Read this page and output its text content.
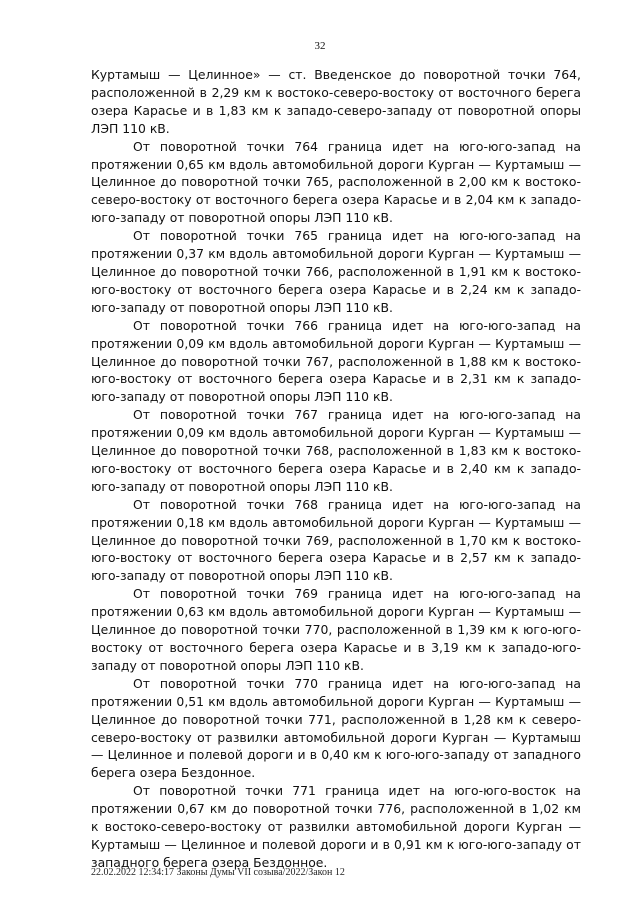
32

Куртамыш — Целинное» — ст. Введенское до поворотной точки 764, расположенной в 2,29 км к востоко-северо-востоку от восточного берега озера Карасье и в 1,83 км к западо-северо-западу от поворотной опоры ЛЭП 110 кВ.

От поворотной точки 764 граница идет на юго-юго-запад на протяжении 0,65 км вдоль автомобильной дороги Курган — Куртамыш — Целинное до поворотной точки 765, расположенной в 2,00 км к востоко-северо-востоку от восточного берега озера Карасье и в 2,04 км к западо-юго-западу от поворотной опоры ЛЭП 110 кВ.

От поворотной точки 765 граница идет на юго-юго-запад на протяжении 0,37 км вдоль автомобильной дороги Курган — Куртамыш — Целинное до поворотной точки 766, расположенной в 1,91 км к востоко-юго-востоку от восточного берега озера Карасье и в 2,24 км к западо-юго-западу от поворотной опоры ЛЭП 110 кВ.

От поворотной точки 766 граница идет на юго-юго-запад на протяжении 0,09 км вдоль автомобильной дороги Курган — Куртамыш — Целинное до поворотной точки 767, расположенной в 1,88 км к востоко-юго-востоку от восточного берега озера Карасье и в 2,31 км к западо-юго-западу от поворотной опоры ЛЭП 110 кВ.

От поворотной точки 767 граница идет на юго-юго-запад на протяжении 0,09 км вдоль автомобильной дороги Курган — Куртамыш — Целинное до поворотной точки 768, расположенной в 1,83 км к востоко-юго-востоку от восточного берега озера Карасье и в 2,40 км к западо-юго-западу от поворотной опоры ЛЭП 110 кВ.

От поворотной точки 768 граница идет на юго-юго-запад на протяжении 0,18 км вдоль автомобильной дороги Курган — Куртамыш — Целинное до поворотной точки 769, расположенной в 1,70 км к востоко-юго-востоку от восточного берега озера Карасье и в 2,57 км к западо-юго-западу от поворотной опоры ЛЭП 110 кВ.

От поворотной точки 769 граница идет на юго-юго-запад на протяжении 0,63 км вдоль автомобильной дороги Курган — Куртамыш — Целинное до поворотной точки 770, расположенной в 1,39 км к юго-юго-востоку от восточного берега озера Карасье и в 3,19 км к западо-юго-западу от поворотной опоры ЛЭП 110 кВ.

От поворотной точки 770 граница идет на юго-юго-запад на протяжении 0,51 км вдоль автомобильной дороги Курган — Куртамыш — Целинное до поворотной точки 771, расположенной в 1,28 км к северо-северо-востоку от развилки автомобильной дороги Курган — Куртамыш — Целинное и полевой дороги и в 0,40 км к юго-юго-западу от западного берега озера Бездонное.

От поворотной точки 771 граница идет на юго-юго-восток на протяжении 0,67 км до поворотной точки 776, расположенной в 1,02 км к востоко-северо-востоку от развилки автомобильной дороги Курган — Куртамыш — Целинное и полевой дороги и в 0,91 км к юго-юго-западу от западного берега озера Бездонное.

22.02.2022 12:34:17 Законы Думы VII созыва/2022/Закон 12
